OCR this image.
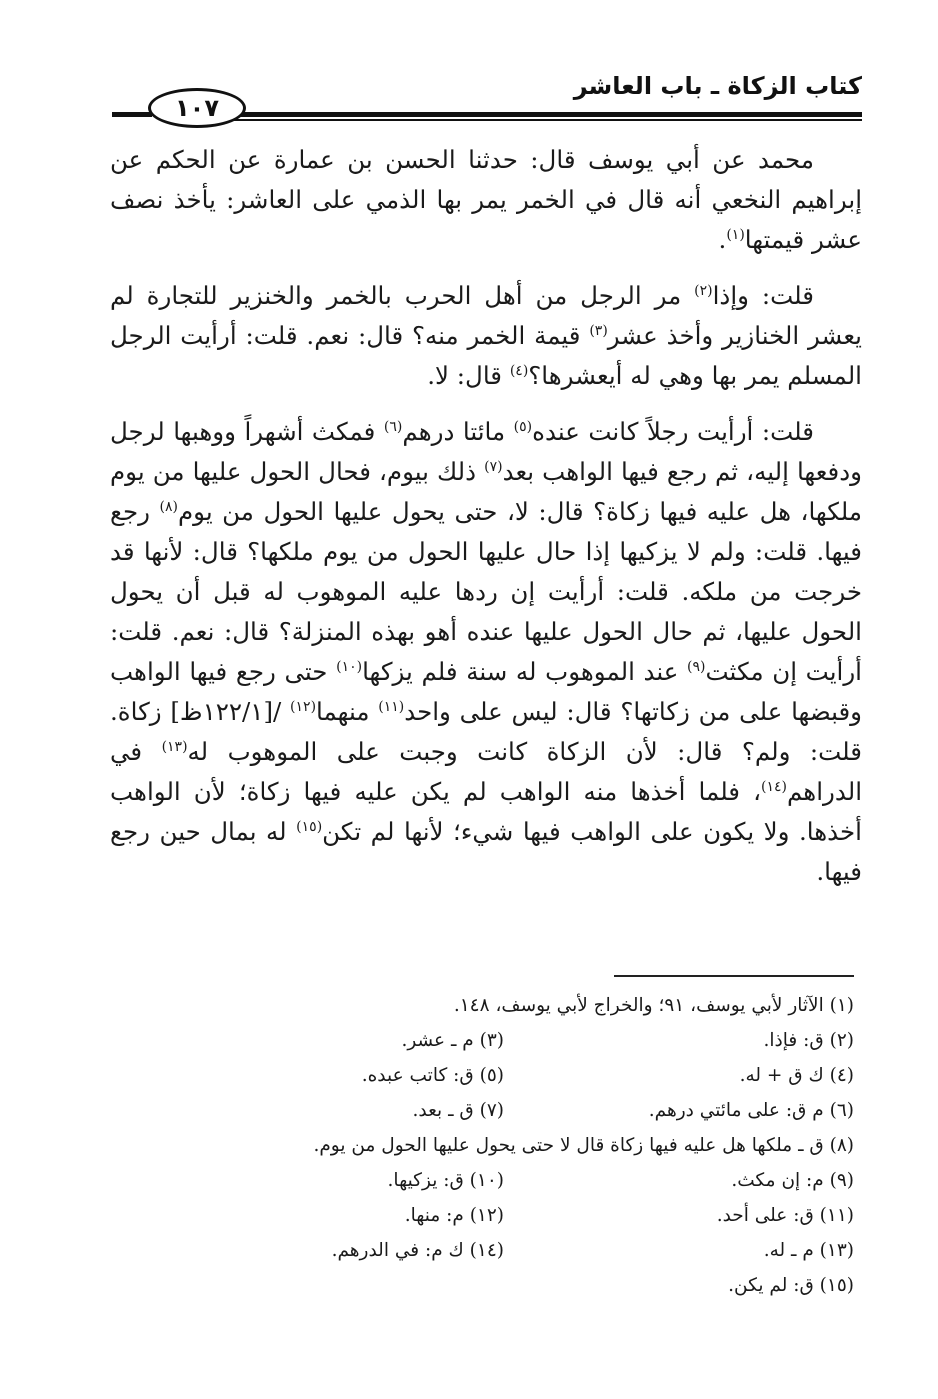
كتاب الزكاة ـ باب العاشر
١٠٧

محمد عن أبي يوسف قال: حدثنا الحسن بن عمارة عن الحكم عن إبراهيم النخعي أنه قال في الخمر يمر بها الذمي على العاشر: يأخذ نصف عشر قيمتها$^{(١)}$.

قلت: وإذا$^{(٢)}$ مر الرجل من أهل الحرب بالخمر والخنزير للتجارة لم يعشر الخنازير وأخذ عشر$^{(٣)}$ قيمة الخمر منه؟ قال: نعم. قلت: أرأيت الرجل المسلم يمر بها وهي له أيعشرها؟$^{(٤)}$ قال: لا.

قلت: أرأيت رجلاً كانت عنده$^{(٥)}$ مائتا درهم$^{(٦)}$ فمكث أشهراً ووهبها لرجل ودفعها إليه، ثم رجع فيها الواهب بعد$^{(٧)}$ ذلك بيوم، فحال الحول عليها من يوم ملكها، هل عليه فيها زكاة؟ قال: لا، حتى يحول عليها الحول من يوم$^{(٨)}$ رجع فيها. قلت: ولم لا يزكيها إذا حال عليها الحول من يوم ملكها؟ قال: لأنها قد خرجت من ملكه. قلت: أرأيت إن ردها عليه الموهوب له قبل أن يحول الحول عليها، ثم حال الحول عليها عنده أهو بهذه المنزلة؟ قال: نعم. قلت: أرأيت إن مكثت$^{(٩)}$ عند الموهوب له سنة فلم يزكها$^{(١٠)}$ حتى رجع فيها الواهب وقبضها على من زكاتها؟ قال: ليس على واحد$^{(١١)}$ منهما$^{(١٢)}$ /[١٢٢/١ظ] زكاة. قلت: ولم؟ قال: لأن الزكاة كانت وجبت على الموهوب له$^{(١٣)}$ في الدراهم$^{(١٤)}$، فلما أخذها منه الواهب لم يكن عليه فيها زكاة؛ لأن الواهب أخذها. ولا يكون على الواهب فيها شيء؛ لأنها لم تكن$^{(١٥)}$ له بمال حين رجع فيها.

(١) الآثار لأبي يوسف، ٩١؛ والخراج لأبي يوسف، ١٤٨.
(٢) ق: فإذا.
(٣) م ـ عشر.
(٤) ك ق + له.
(٥) ق: كاتب عبده.
(٦) م ق: على مائتي درهم.
(٧) ق ـ بعد.
(٨) ق ـ ملكها هل عليه فيها زكاة قال لا حتى يحول عليها الحول من يوم.
(٩) م: إن مكث.
(١٠) ق: يزكيها.
(١١) ق: على أحد.
(١٢) م: منها.
(١٣) م ـ له.
(١٤) ك م: في الدرهم.
(١٥) ق: لم يكن.
